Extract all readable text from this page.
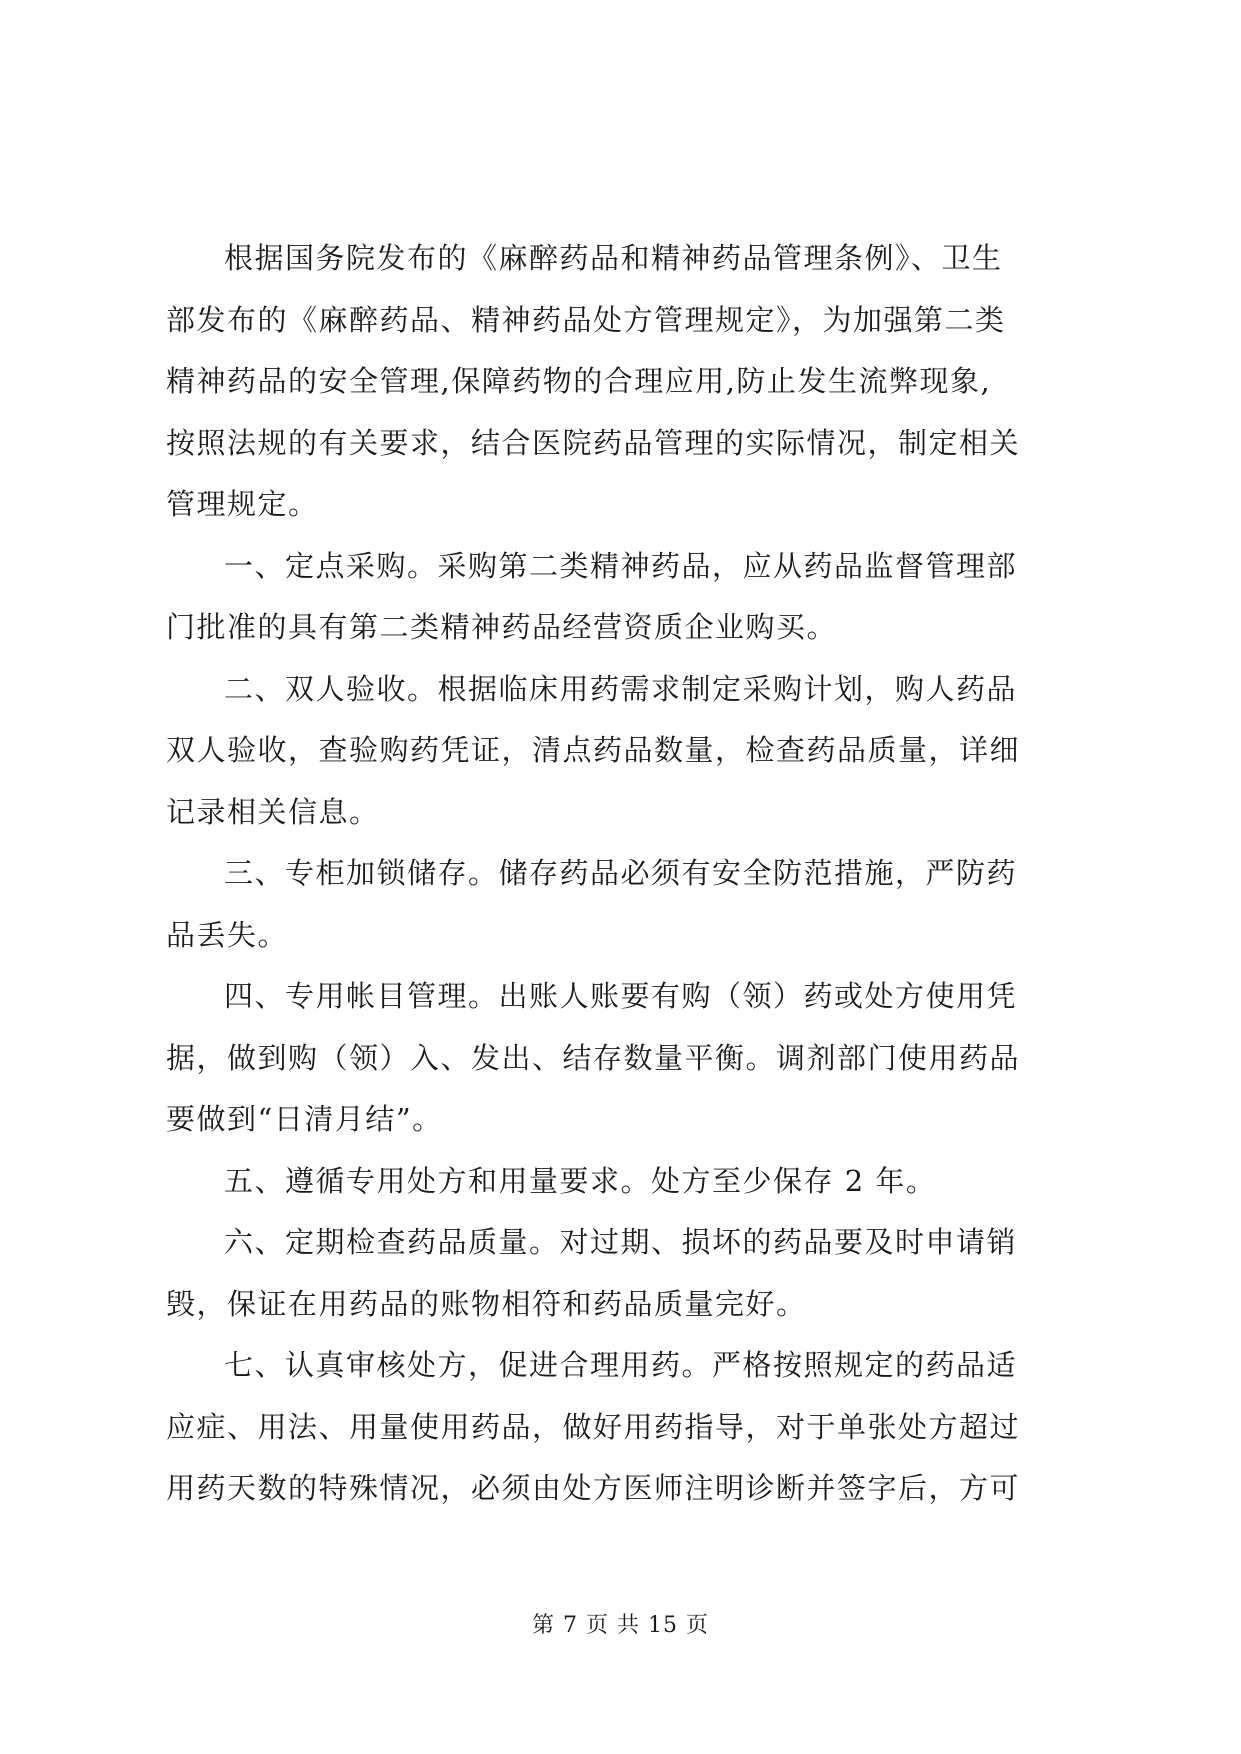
根据国务院发布的《麻醉药品和精神药品管理条例》、卫生
部发布的《麻醉药品、精神药品处方管理规定》，为加强第二类
精神药品的安全管理,保障药物的合理应用,防止发生流弊现象,
按照法规的有关要求，结合医院药品管理的实际情况，制定相关
管理规定。

一、定点采购。采购第二类精神药品，应从药品监督管理部
门批准的具有第二类精神药品经营资质企业购买。

二、双人验收。根据临床用药需求制定采购计划，购人药品
双人验收，查验购药凭证，清点药品数量，检查药品质量，详细
记录相关信息。

三、专柜加锁储存。储存药品必须有安全防范措施，严防药
品丢失。

四、专用帐目管理。出账人账要有购（领）药或处方使用凭
据，做到购（领）入、发出、结存数量平衡。调剂部门使用药品
要做到“日清月结”。

五、遵循专用处方和用量要求。处方至少保存 2 年。

六、定期检查药品质量。对过期、损坏的药品要及时申请销
毁，保证在用药品的账物相符和药品质量完好。

七、认真审核处方，促进合理用药。严格按照规定的药品适
应症、用法、用量使用药品，做好用药指导，对于单张处方超过
用药天数的特殊情况，必须由处方医师注明诊断并签字后，方可

第 7 页 共 15 页
